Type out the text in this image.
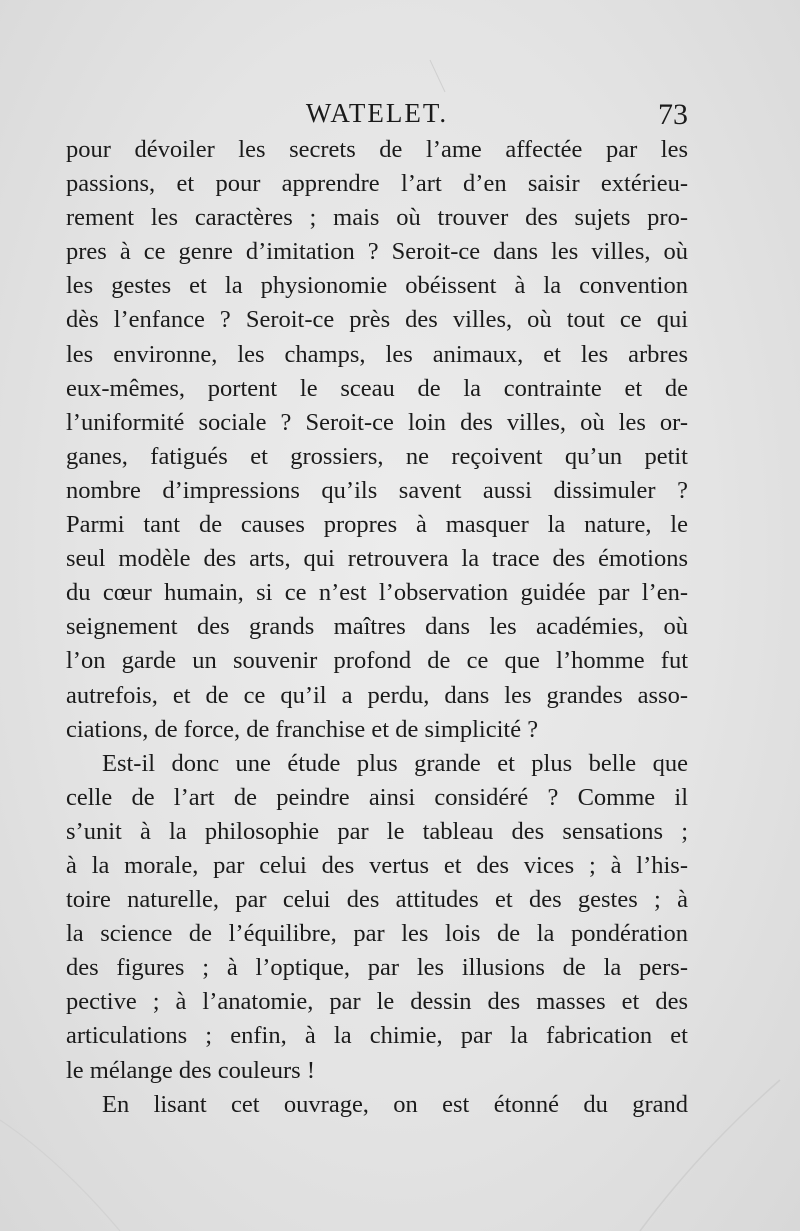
WATELET.	73
pour dévoiler les secrets de l’ame affectée par les
passions, et pour apprendre l’art d’en saisir extérieu-
rement les caractères ; mais où trouver des sujets pro-
pres à ce genre d’imitation ? Seroit-ce dans les villes, où
les gestes et la physionomie obéissent à la convention
dès l’enfance ? Seroit-ce près des villes, où tout ce qui
les environne, les champs, les animaux, et les arbres
eux-mêmes, portent le sceau de la contrainte et de
l’uniformité sociale ? Seroit-ce loin des villes, où les or-
ganes, fatigués et grossiers, ne reçoivent qu’un petit
nombre d’impressions qu’ils savent aussi dissimuler ?
Parmi tant de causes propres à masquer la nature, le
seul modèle des arts, qui retrouvera la trace des émotions
du cœur humain, si ce n’est l’observation guidée par l’en-
seignement des grands maîtres dans les académies, où
l’on garde un souvenir profond de ce que l’homme fut
autrefois, et de ce qu’il a perdu, dans les grandes asso-
ciations, de force, de franchise et de simplicité ?
Est-il donc une étude plus grande et plus belle que
celle de l’art de peindre ainsi considéré ? Comme il
s’unit à la philosophie par le tableau des sensations ;
à la morale, par celui des vertus et des vices ; à l’his-
toire naturelle, par celui des attitudes et des gestes ; à
la science de l’équilibre, par les lois de la pondération
des figures ; à l’optique, par les illusions de la pers-
pective ; à l’anatomie, par le dessin des masses et des
articulations ; enfin, à la chimie, par la fabrication et
le mélange des couleurs !
En lisant cet ouvrage, on est étonné du grand
